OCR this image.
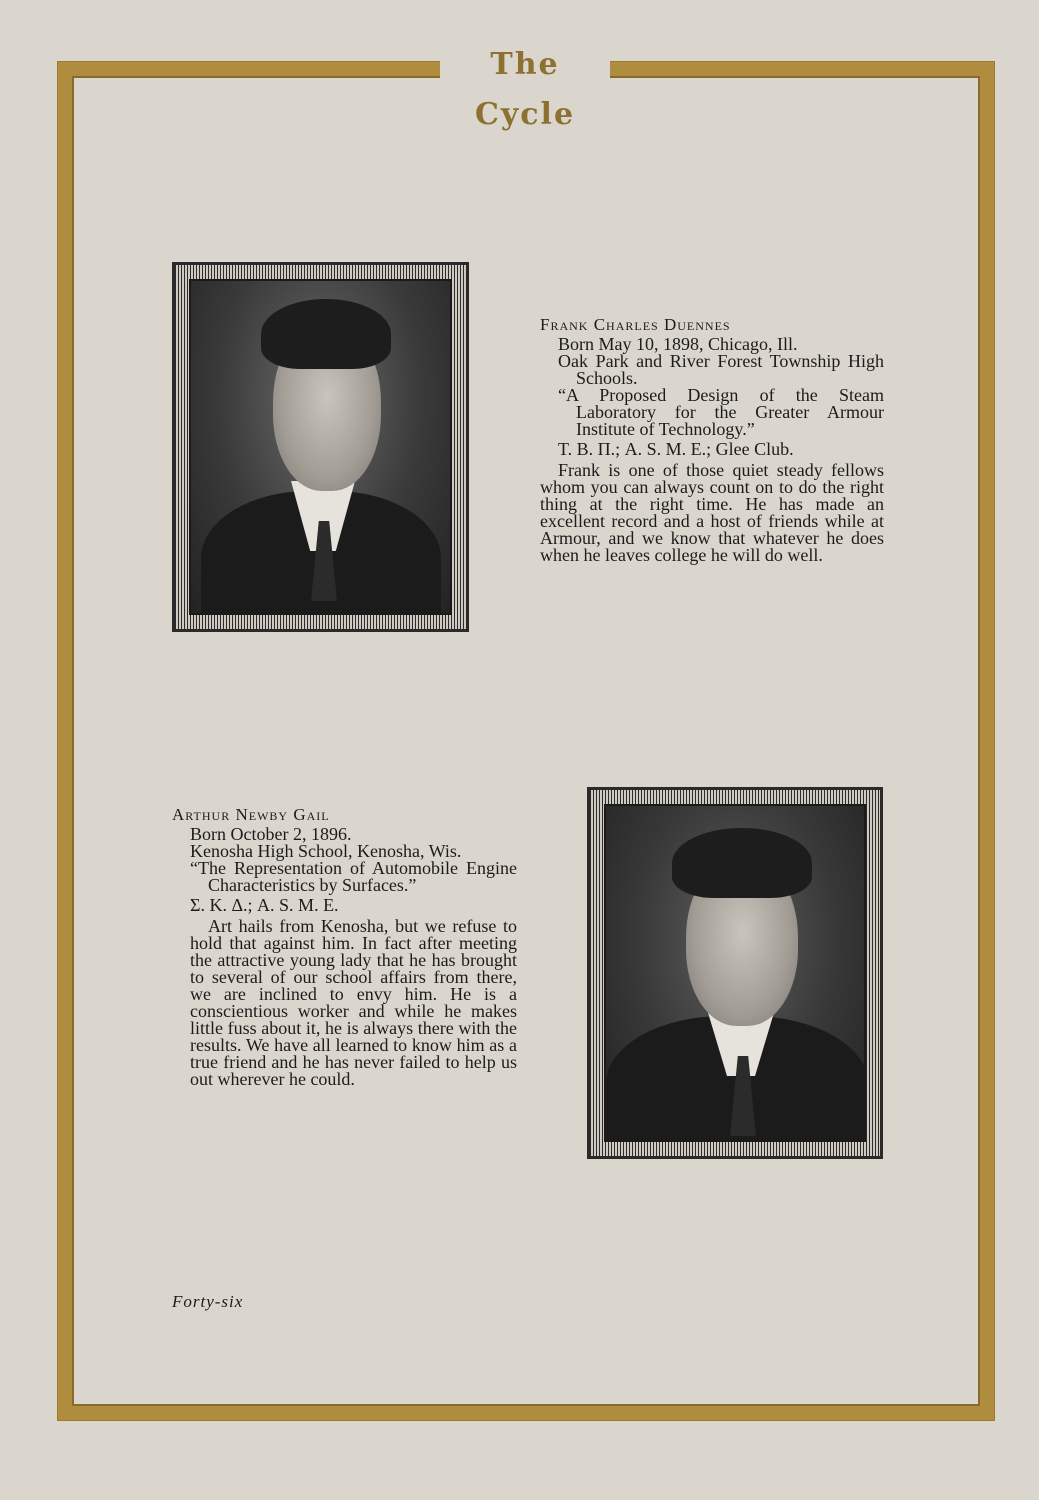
The Cycle
Frank Charles Duennes
Born May 10, 1898, Chicago, Ill.
Oak Park and River Forest Township High Schools.
“A Proposed Design of the Steam Laboratory for the Greater Armour Institute of Technology.”
T. B. Π.; A. S. M. E.; Glee Club.
Frank is one of those quiet steady fellows whom you can always count on to do the right thing at the right time. He has made an excellent record and a host of friends while at Armour, and we know that whatever he does when he leaves college he will do well.
Arthur Newby Gail
Born October 2, 1896.
Kenosha High School, Kenosha, Wis.
“The Representation of Automobile Engine Characteristics by Surfaces.”
Σ. K. Δ.; A. S. M. E.
Art hails from Kenosha, but we refuse to hold that against him. In fact after meeting the attractive young lady that he has brought to several of our school affairs from there, we are inclined to envy him. He is a conscientious worker and while he makes little fuss about it, he is always there with the results. We have all learned to know him as a true friend and he has never failed to help us out wherever he could.
Forty-six
